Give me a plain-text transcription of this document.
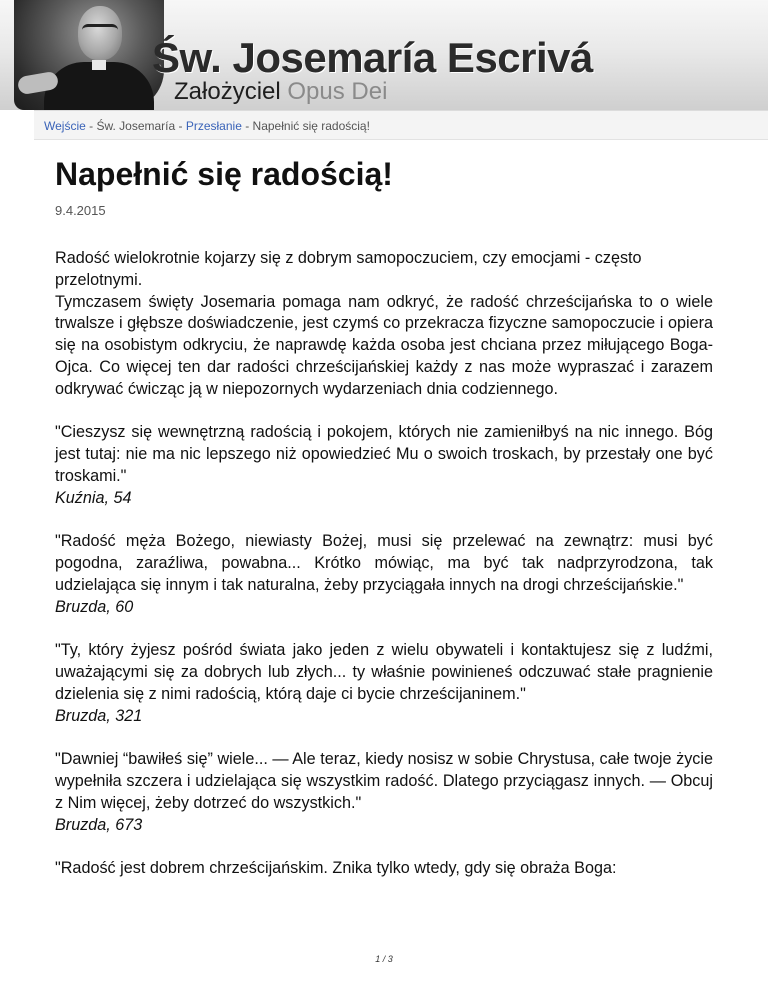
Św. Josemaría Escrivá
Założyciel Opus Dei
Wejście - Św. Josemaría - Przesłanie - Napełnić się radością!
Napełnić się radością!
9.4.2015

Radość wielokrotnie kojarzy się z dobrym samopoczuciem, czy emocjami - często przelotnymi.

Tymczasem święty Josemaria pomaga nam odkryć, że radość chrześcijańska to o wiele trwalsze i głębsze doświadczenie, jest czymś co przekracza fizyczne samopoczucie i opiera się na osobistym odkryciu, że naprawdę każda osoba jest chciana przez miłującego Boga-Ojca. Co więcej ten dar radości chrześcijańskiej każdy z nas może wypraszać i zarazem odkrywać ćwicząc ją w niepozornych wydarzeniach dnia codziennego.

"Cieszysz się wewnętrzną radością i pokojem, których nie zamieniłbyś na nic innego. Bóg jest tutaj: nie ma nic lepszego niż opowiedzieć Mu o swoich troskach, by przestały one być troskami."
Kuźnia, 54

"Radość męża Bożego, niewiasty Bożej, musi się przelewać na zewnątrz: musi być pogodna, zaraźliwa, powabna... Krótko mówiąc, ma być tak nadprzyrodzona, tak udzielająca się innym i tak naturalna, żeby przyciągała innych na drogi chrześcijańskie."
Bruzda, 60

"Ty, który żyjesz pośród świata jako jeden z wielu obywateli i kontaktujesz się z ludźmi, uważającymi się za dobrych lub złych... ty właśnie powinieneś odczuwać stałe pragnienie dzielenia się z nimi radością, którą daje ci bycie chrześcijaninem."
Bruzda, 321

"Dawniej “bawiłeś się” wiele... — Ale teraz, kiedy nosisz w sobie Chrystusa, całe twoje życie wypełniła szczera i udzielająca się wszystkim radość. Dlatego przyciągasz innych. — Obcuj z Nim więcej, żeby dotrzeć do wszystkich."
Bruzda, 673

"Radość jest dobrem chrześcijańskim. Znika tylko wtedy, gdy się obraża Boga:

1 / 3
